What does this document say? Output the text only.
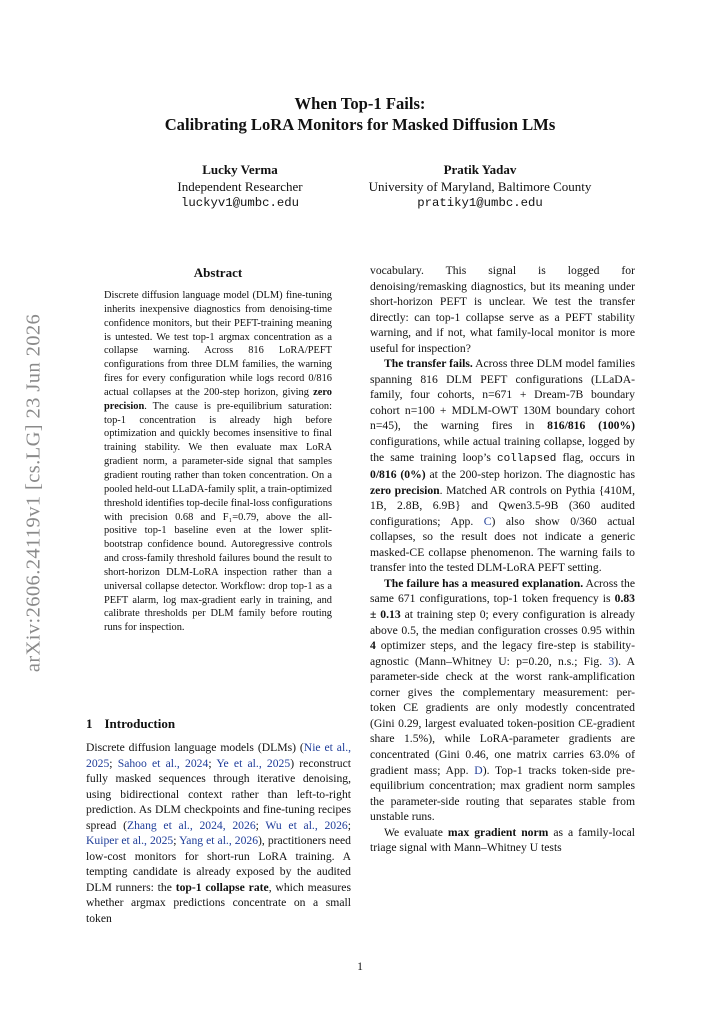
arXiv:2606.24119v1 [cs.LG] 23 Jun 2026
When Top-1 Fails:
Calibrating LoRA Monitors for Masked Diffusion LMs
Lucky Verma
Independent Researcher
luckyv1@umbc.edu
Pratik Yadav
University of Maryland, Baltimore County
pratiky1@umbc.edu
Abstract
Discrete diffusion language model (DLM) fine-tuning inherits inexpensive diagnostics from denoising-time confidence monitors, but their PEFT-training meaning is untested. We test top-1 argmax concentration as a collapse warning. Across 816 LoRA/PEFT configurations from three DLM families, the warning fires for every configuration while logs record 0/816 actual collapses at the 200-step horizon, giving zero precision. The cause is pre-equilibrium saturation: top-1 concentration is already high before optimization and quickly becomes insensitive to final training stability. We then evaluate max LoRA gradient norm, a parameter-side signal that samples gradient routing rather than token concentration. On a pooled held-out LLaDA-family split, a train-optimized threshold identifies top-decile final-loss configurations with precision 0.68 and F₁=0.79, above the all-positive top-1 baseline even at the lower split-bootstrap confidence bound. Autoregressive controls and cross-family threshold failures bound the result to short-horizon DLM-LoRA inspection rather than a universal collapse detector. Workflow: drop top-1 as a PEFT alarm, log max-gradient early in training, and calibrate thresholds per DLM family before routing runs for inspection.
1 Introduction

Discrete diffusion language models (DLMs) (Nie et al., 2025; Sahoo et al., 2024; Ye et al., 2025) reconstruct fully masked sequences through iterative denoising, using bidirectional context rather than left-to-right prediction. As DLM checkpoints and fine-tuning recipes spread (Zhang et al., 2024, 2026; Wu et al., 2026; Kuiper et al., 2025; Yang et al., 2026), practitioners need low-cost monitors for short-run LoRA training. A tempting candidate is already exposed by the audited DLM runners: the top-1 collapse rate, which measures whether argmax predictions concentrate on a small token

vocabulary. This signal is logged for denoising/remasking diagnostics, but its meaning under short-horizon PEFT is unclear. We test the transfer directly: can top-1 collapse serve as a PEFT stability warning, and if not, what family-local monitor is more useful for inspection?

The transfer fails. Across three DLM model families spanning 816 DLM PEFT configurations (LLaDA-family, four cohorts, n=671 + Dream-7B boundary cohort n=100 + MDLM-OWT 130M boundary cohort n=45), the warning fires in 816/816 (100%) configurations, while actual training collapse, logged by the same training loop’s collapsed flag, occurs in 0/816 (0%) at the 200-step horizon. The diagnostic has zero precision. Matched AR controls on Pythia {410M, 1B, 2.8B, 6.9B} and Qwen3.5-9B (360 audited configurations; App. C) also show 0/360 actual collapses, so the result does not indicate a generic masked-CE collapse phenomenon. The warning fails to transfer into the tested DLM-LoRA PEFT setting.

The failure has a measured explanation. Across the same 671 configurations, top-1 token frequency is 0.83 ± 0.13 at training step 0; every configuration is already above 0.5, the median configuration crosses 0.95 within 4 optimizer steps, and the legacy fire-step is stability-agnostic (Mann–Whitney U: p=0.20, n.s.; Fig. 3). A parameter-side check at the worst rank-amplification corner gives the complementary measurement: per-token CE gradients are only modestly concentrated (Gini 0.29, largest evaluated token-position CE-gradient share 1.5%), while LoRA-parameter gradients are concentrated (Gini 0.46, one matrix carries 63.0% of gradient mass; App. D). Top-1 tracks token-side pre-equilibrium concentration; max gradient norm samples the parameter-side routing that separates stable from unstable runs.

We evaluate max gradient norm as a family-local triage signal with Mann–Whitney U tests

1
